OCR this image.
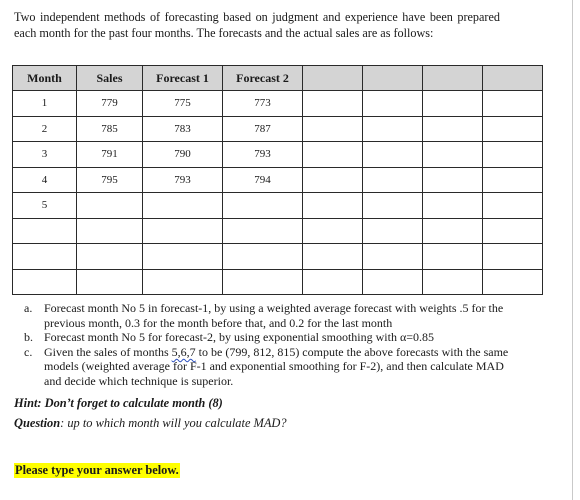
Two independent methods of forecasting based on judgment and experience have been prepared each month for the past four months. The forecasts and the actual sales are as follows:

Month	Sales	Forecast 1	Forecast 2				
1	779	775	773				
2	785	783	787				
3	791	790	793				
4	795	793	794				
5							

a. Forecast month No 5 in forecast-1, by using a weighted average forecast with weights .5 for the previous month, 0.3 for the month before that, and 0.2 for the last month
b. Forecast month No 5 for forecast-2, by using exponential smoothing with α=0.85
c. Given the sales of months 5,6,7 to be (799, 812, 815) compute the above forecasts with the same models (weighted average for F-1 and exponential smoothing for F-2), and then calculate MAD and decide which technique is superior.

Hint: Don’t forget to calculate month (8)

Question: up to which month will you calculate MAD?

Please type your answer below.
